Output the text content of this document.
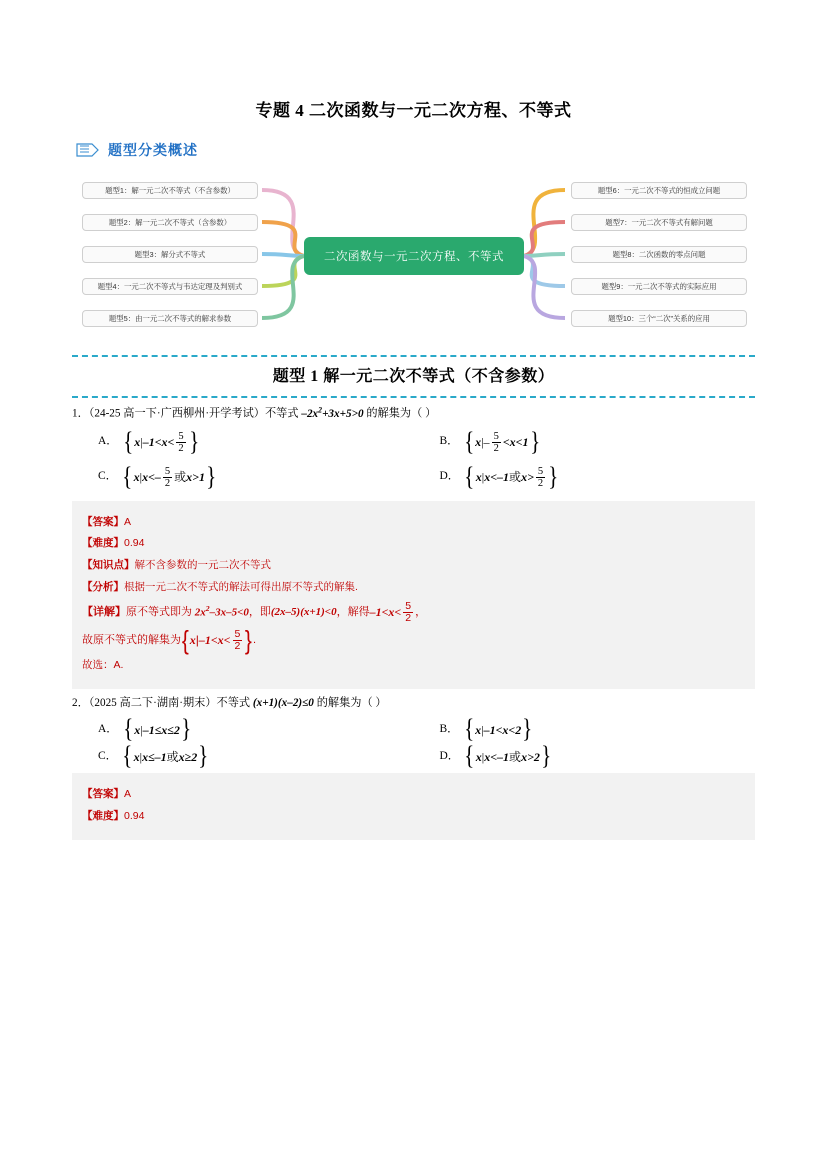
专题 4 二次函数与一元二次方程、不等式
题型分类概述
题型1：解一元二次不等式（不含参数）
题型2：解一元二次不等式（含参数）
题型3：解分式不等式
题型4：一元二次不等式与韦达定理及判别式
题型5：由一元二次不等式的解求参数
题型6：一元二次不等式的恒成立问题
题型7：一元二次不等式有解问题
题型8：二次函数的零点问题
题型9：一元二次不等式的实际应用
题型10：三个“二次”关系的应用
二次函数与一元二次方程、不等式
题型 1 解一元二次不等式（不含参数）
1．（24-25 高一下·广西柳州·开学考试）不等式 $-2x^2+3x+5>0$ 的解集为（ ）
A． { x | $-1<x< \frac{5}{2}$ }	B． { x |– $\frac{5}{2} <x<1$ }
C． { x | $x<- \frac{5}{2}$ 或 x>1 }	D． { x | x<–1 或 $x> \frac{5}{2}$ }
【答案】A
【难度】0.94
【知识点】解不含参数的一元二次不等式
【分析】根据一元二次不等式的解法可得出原不等式的解集.
【详解】 原不等式即为 $2x^2-3x-5<0$ ，即 (2x–5)(x+1)<0 ，解得 $-1<x< \frac{5}{2}$ ，
故原不等式的解集为 { x | $-1<x< \frac{5}{2}$ } .
故选：A.
2．（2025 高二下·湖南·期末）不等式 (x+1)(x–2)≤0 的解集为（ ）
A． { x | –1≤x≤2 }	B． { x | –1<x<2 }
C． { x | x≤–1 或 x≥2 }	D． { x | x<–1 或 x>2 }
【答案】A
【难度】0.94
